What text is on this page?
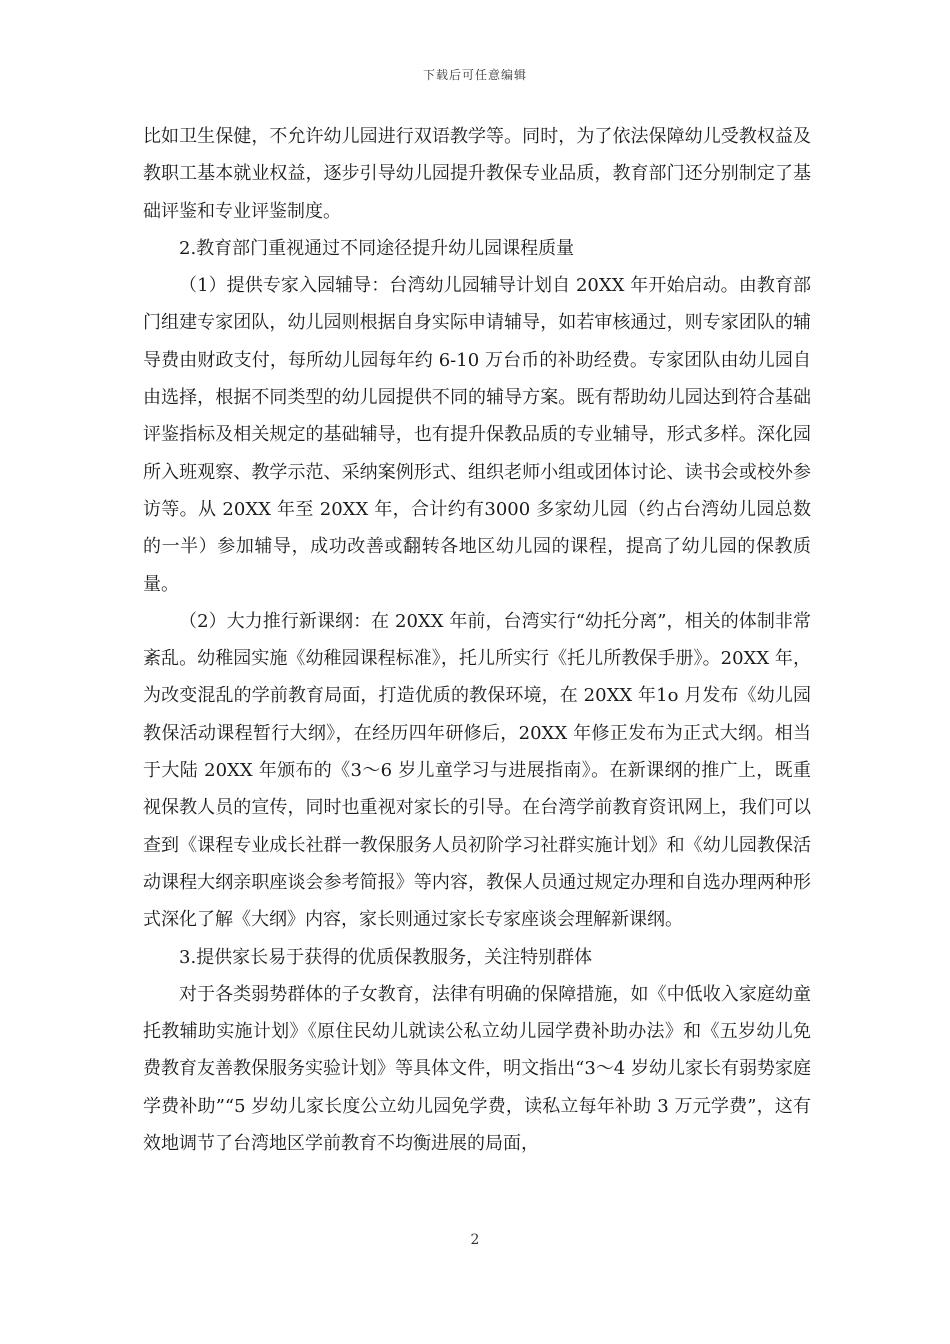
下载后可任意编辑

比如卫生保健，不允许幼儿园进行双语教学等。同时，为了依法保障幼儿受教权益及教职工基本就业权益，逐步引导幼儿园提升教保专业品质，教育部门还分别制定了基础评鉴和专业评鉴制度。

2.教育部门重视通过不同途径提升幼儿园课程质量

（1）提供专家入园辅导：台湾幼儿园辅导计划自 20XX 年开始启动。由教育部门组建专家团队，幼儿园则根据自身实际申请辅导，如若审核通过，则专家团队的辅导费由财政支付，每所幼儿园每年约 6-10 万台币的补助经费。专家团队由幼儿园自由选择，根据不同类型的幼儿园提供不同的辅导方案。既有帮助幼儿园达到符合基础评鉴指标及相关规定的基础辅导，也有提升保教品质的专业辅导，形式多样。深化园所入班观察、教学示范、采纳案例形式、组织老师小组或团体讨论、读书会或校外参访等。从 20XX 年至 20XX 年，合计约有3000 多家幼儿园（约占台湾幼儿园总数的一半）参加辅导，成功改善或翻转各地区幼儿园的课程，提高了幼儿园的保教质量。

（2）大力推行新课纲：在 20XX 年前，台湾实行“幼托分离”，相关的体制非常紊乱。幼稚园实施《幼稚园课程标准》，托儿所实行《托儿所教保手册》。20XX 年，为改变混乱的学前教育局面，打造优质的教保环境，在 20XX 年1o 月发布《幼儿园教保活动课程暂行大纲》，在经历四年研修后，20XX 年修正发布为正式大纲。相当于大陆 20XX 年颁布的《3～6 岁儿童学习与进展指南》。在新课纲的推广上，既重视保教人员的宣传，同时也重视对家长的引导。在台湾学前教育资讯网上，我们可以查到《课程专业成长社群一教保服务人员初阶学习社群实施计划》和《幼儿园教保活动课程大纲亲职座谈会参考简报》等内容，教保人员通过规定办理和自选办理两种形式深化了解《大纲》内容，家长则通过家长专家座谈会理解新课纲。

3.提供家长易于获得的优质保教服务，关注特别群体

对于各类弱势群体的子女教育，法律有明确的保障措施，如《中低收入家庭幼童托教辅助实施计划》《原住民幼儿就读公私立幼儿园学费补助办法》和《五岁幼儿免费教育友善教保服务实验计划》等具体文件，明文指出“3～4 岁幼儿家长有弱势家庭学费补助”“5 岁幼儿家长度公立幼儿园免学费，读私立每年补助 3 万元学费”，这有效地调节了台湾地区学前教育不均衡进展的局面，

2
